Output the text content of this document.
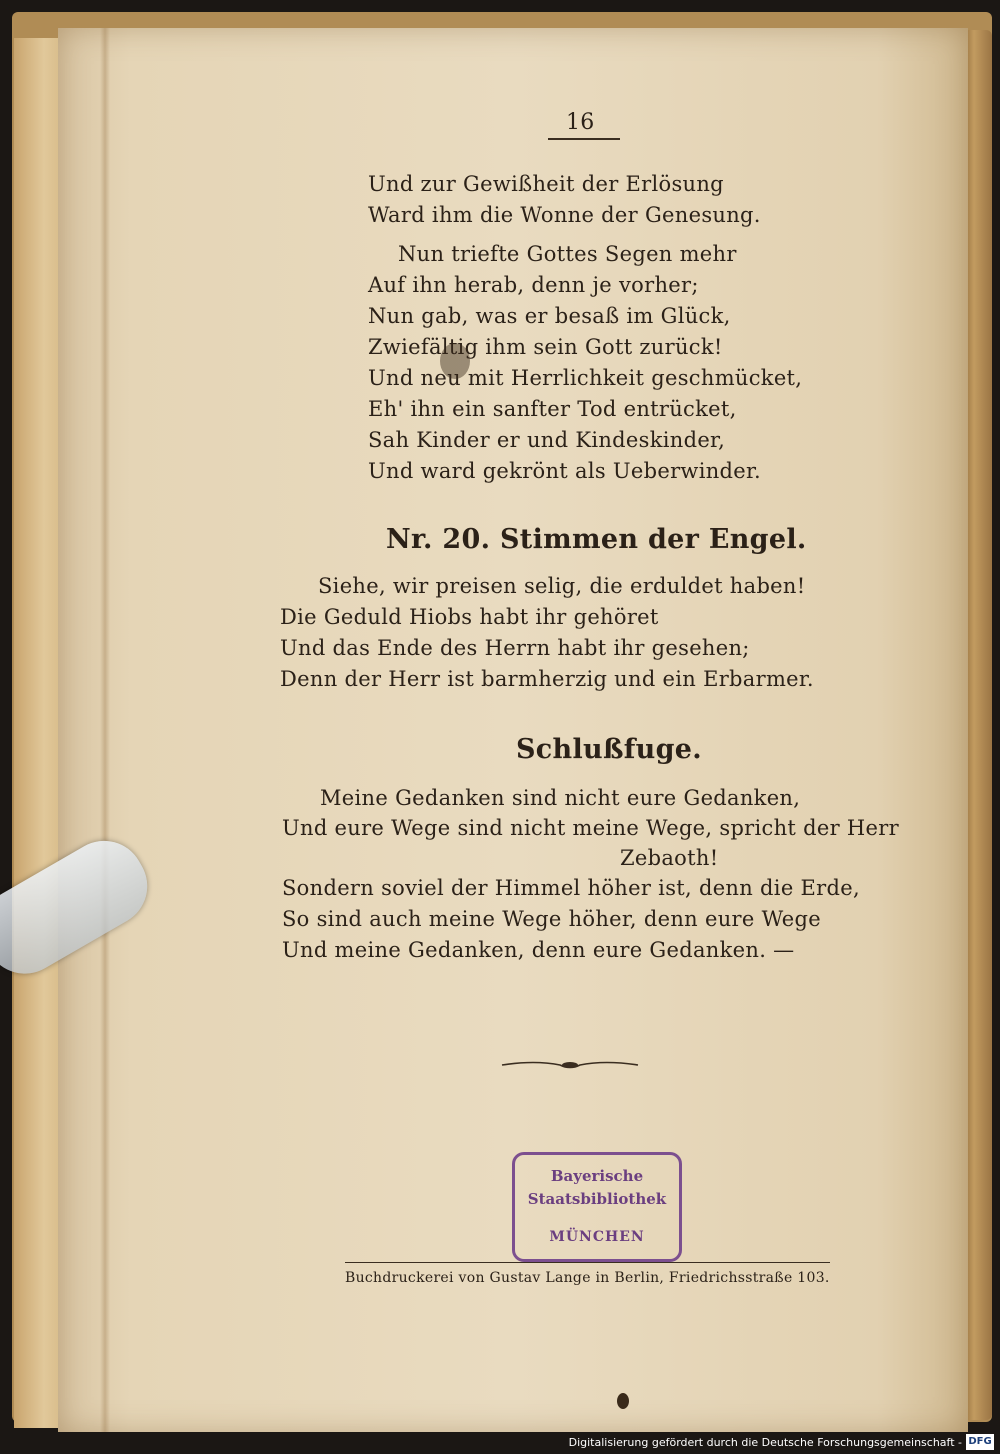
16
Und zur Gewißheit der Erlösung
Ward ihm die Wonne der Genesung.
Nun triefte Gottes Segen mehr
Auf ihn herab, denn je vorher;
Nun gab, was er besaß im Glück,
Zwiefältig ihm sein Gott zurück!
Und neu mit Herrlichkeit geschmücket,
Eh' ihn ein sanfter Tod entrücket,
Sah Kinder er und Kindeskinder,
Und ward gekrönt als Ueberwinder.
Nr. 20. Stimmen der Engel.
Siehe, wir preisen selig, die erduldet haben!
Die Geduld Hiobs habt ihr gehöret
Und das Ende des Herrn habt ihr gesehen;
Denn der Herr ist barmherzig und ein Erbarmer.
Schlußfuge.
Meine Gedanken sind nicht eure Gedanken,
Und eure Wege sind nicht meine Wege, spricht der Herr
Zebaoth!
Sondern soviel der Himmel höher ist, denn die Erde,
So sind auch meine Wege höher, denn eure Wege
Und meine Gedanken, denn eure Gedanken. —
Buchdruckerei von Gustav Lange in Berlin, Friedrichsstraße 103.
Bayerische
Staatsbibliothek
MÜNCHEN
Digitalisierung gefördert durch die Deutsche Forschungsgemeinschaft - DFG
